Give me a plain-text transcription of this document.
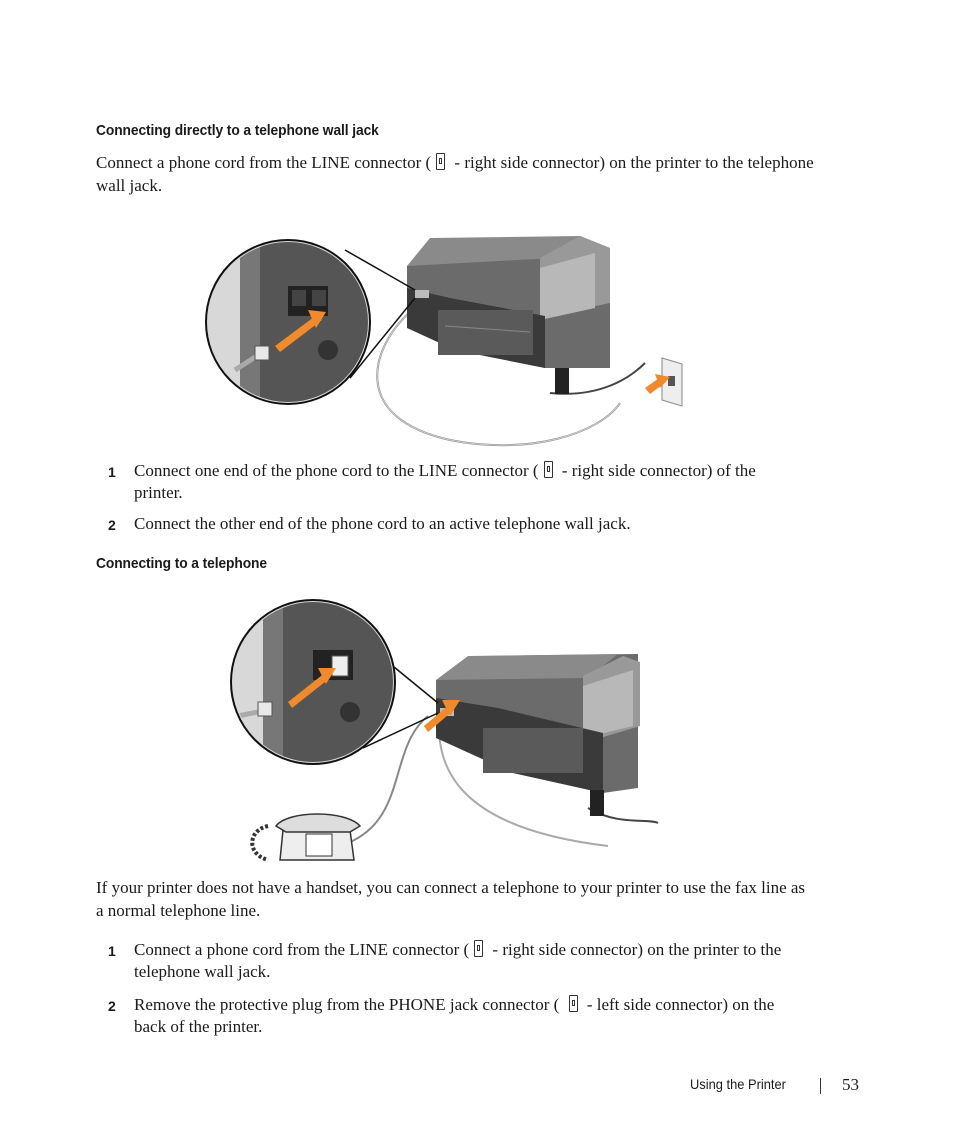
Connecting directly to a telephone wall jack
Connect a phone cord from the LINE connector ( - right side connector) on the printer to the telephone wall jack.
1 Connect one end of the phone cord to the LINE connector ( - right side connector) of the printer.
2 Connect the other end of the phone cord to an active telephone wall jack.
Connecting to a telephone
If your printer does not have a handset, you can connect a telephone to your printer to use the fax line as a normal telephone line.
1 Connect a phone cord from the LINE connector ( - right side connector) on the printer to the telephone wall jack.
2 Remove the protective plug from the PHONE jack connector (  - left side connector) on the back of the printer.
Using the Printer	53
